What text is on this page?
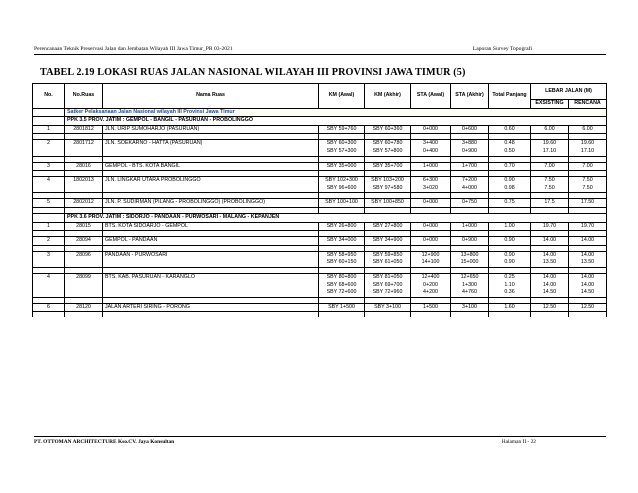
Perencanaan Teknik Preservasi Jalan dan Jembatan Wilayah III Jawa Timur_PR 03-2021	Laporan Survey Topografi
TABEL 2.19 LOKASI RUAS JALAN NASIONAL WILAYAH III PROVINSI JAWA TIMUR (5)
No.	No.Ruas	Nama Ruas	KM (Awal)	KM (Akhir)	STA (Awal)	STA (Akhir)	Total Panjang	LEBAR JALAN (M)	
								EXSISTING	RENCANA
	Satker Pelaksanaan Jalan Nasional wilayah III Provinsi Jawa Timur								
	PPK 3.5 PROV. JATIM : GEMPOL - BANGIL - PASURUAN - PROBOLINGGO								
1	2801812	JLN. URIP SUMOHARJO (PASURUAN)	SBY 59+760	SBY 60+360	0+000	0+600	0.60	6.00	6.00

2	2801712	JLN. SOEKARNO - HATTA (PASURUAN)	SBY 60+300	SBY 60+780	3+400	3+880	0.48	19.60	19.60
			SBY 57+300	SBY 57+800	0+400	0+900	0.50	17.10	17.10

3	28016	GEMPOL - BTS. KOTA BANGIL	SBY 35+000	SBY 35+700	1+000	1+700	0.70	7.00	7.00

4	1802013	JLN. LINGKAR UTARA PROBOLINGGO	SBY 102+300	SBY 103+200	6+300	7+200	0.90	7.50	7.50
			SBY 96+600	SBY 97+580	3+020	4+000	0.98	7.50	7.50

5	2802012	JLN. P. SUDIRMAN (PILANG - PROBOLINGGO) (PROBOLINGGO)	SBY 100+100	SBY 100+850	0+000	0+750	0.75	17.5	17.50

	PPK 3.6 PROV. JATIM : SIDORJO - PANDAAN - PURWOSARI - MALANG - KEPANJEN								
1	28015	BTS. KOTA SIDOARJO - GEMPOL	SBY 26+800	SBY 27+800	0+000	1+000	1.00	19.70	19.70

2	28094	GEMPOL - PANDAAN	SBY 34+000	SBY 34+900	0+000	0+900	0.90	14.00	14.00

3	28096	PANDAAN - PURWOSARI	SBY 58+950	SBY 59+850	12+900	13+800	0.90	14.00	14.00
			SBY 60+150	SBY 61+050	14+100	15+000	0.90	13.50	13.50

4	28099	BTS. KAB. PASURUAN - KARANGLO	SBY 80+800	SBY 81+050	12+400	12+650	0.25	14.00	14.00
			SBY 68+600	SBY 69+700	0+200	1+300	1.10	14.00	14.00
			SBY 72+600	SBY 72+960	4+200	4+760	0.36	14.50	14.50

6	28120	JALAN ARTERI SIRING - PORONG	SBY 1+500	SBY 3+100	1+500	3+100	1.60	12.50	12.50

PT. OTTOMAN ARCHITECTURE Kso.CV. Jaya Konsultan	Halaman II - 22
